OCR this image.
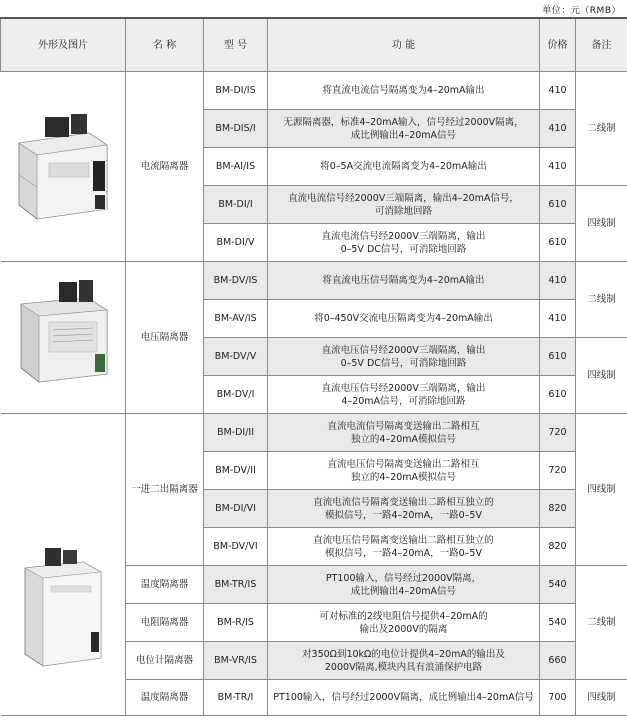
单位：元（RMB）
外形及图片	名 称	型 号	功 能	价格	备注
	电流隔离器	BM-DI/IS	将直流电流信号隔离变为4–20mA输出	410	二线制
		BM-DIS/I	无源隔离器，标准4–20mA输入，信号经过2000V隔离，
成比例输出4–20mA信号	410	
		BM-AI/IS	将0–5A交流电流隔离变为4–20mA输出	410	
		BM-DI/I	直流电流信号经2000V三端隔离，输出4–20mA信号，
可消除地回路	610	四线制
		BM-DI/V	直流电流信号经2000V三端隔离，输出
0–5V DC信号，可消除地回路	610	
	电压隔离器	BM-DV/IS	将直流电压信号隔离变为4–20mA输出	410	二线制
		BM-AV/IS	将0–450V交流电压隔离变为4–20mA输出	410	
		BM-DV/V	直流电压信号经2000V三端隔离，输出
0–5V DC信号，可消除地回路	610	四线制
		BM-DV/I	直流电压信号经2000V三端隔离，输出
4–20mA信号，可消除地回路	610	
	一进二出隔离器	BM-DI/II	直流电流信号隔离变送输出二路相互
独立的4–20mA模拟信号	720	四线制
		BM-DV/II	直流电压信号隔离变送输出二路相互
独立的4–20mA模拟信号	720	
		BM-DI/VI	直流电流信号隔离变送输出二路相互独立的
模拟信号，一路4–20mA，一路0–5V	820	
		BM-DV/VI	直流电压信号隔离变送输出二路相互独立的
模拟信号，一路4–20mA，一路0–5V	820	
	温度隔离器	BM-TR/IS	PT100输入，信号经过2000V隔离，
成比例输出4–20mA信号	540	二线制
	电阻隔离器	BM-R/IS	可对标准的2线电阻信号提供4–20mA的
输出及2000V的隔离	540	
	电位计隔离器	BM-VR/IS	对350Ω到10kΩ的电位计提供4–20mA的输出及
2000V隔离,模块内具有浪涌保护电路	660	
	温度隔离器	BM-TR/I	PT100输入，信号经过2000V隔离，成比例输出4–20mA信号	700	四线制
